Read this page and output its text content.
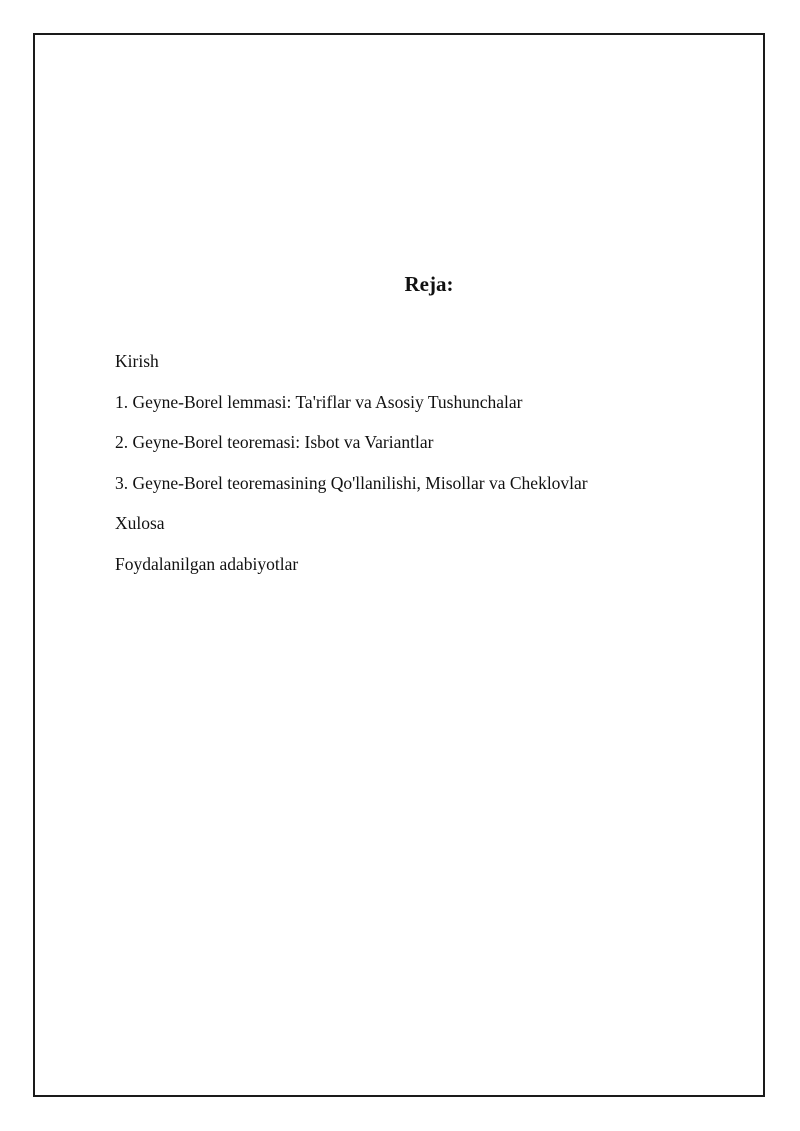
Reja:
Kirish
1. Geyne-Borel lemmasi: Ta'riflar va Asosiy Tushunchalar
2. Geyne-Borel teoremasi: Isbot va Variantlar
3. Geyne-Borel teoremasining Qo'llanilishi, Misollar va Cheklovlar
Xulosa
Foydalanilgan adabiyotlar
